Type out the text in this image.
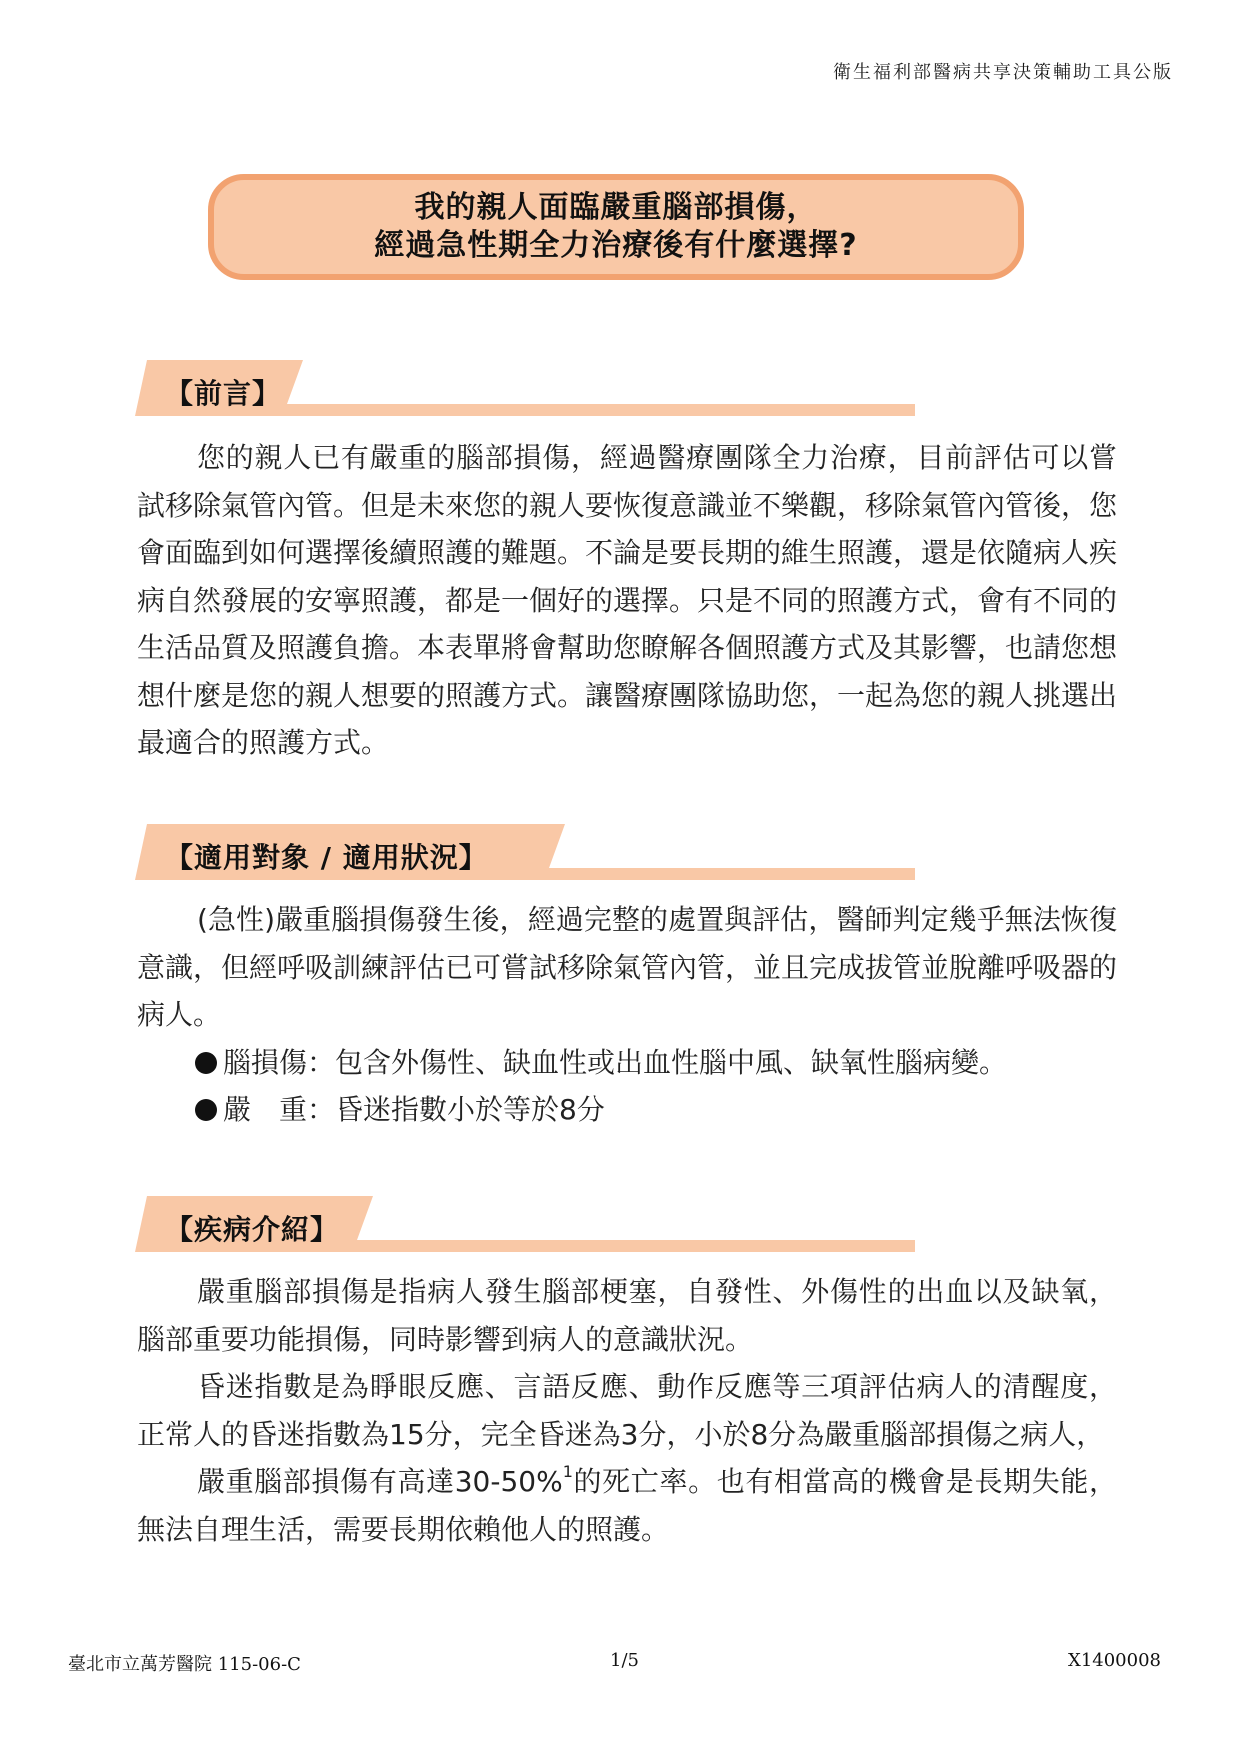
衛生福利部醫病共享決策輔助工具公版
我的親人面臨嚴重腦部損傷，
經過急性期全力治療後有什麼選擇?
【前言】

您的親人已有嚴重的腦部損傷，經過醫療團隊全力治療，目前評估可以嘗試移除氣管內管。但是未來您的親人要恢復意識並不樂觀，移除氣管內管後，您會面臨到如何選擇後續照護的難題。不論是要長期的維生照護，還是依隨病人疾病自然發展的安寧照護，都是一個好的選擇。只是不同的照護方式，會有不同的生活品質及照護負擔。本表單將會幫助您瞭解各個照護方式及其影響，也請您想想什麼是您的親人想要的照護方式。讓醫療團隊協助您，一起為您的親人挑選出最適合的照護方式。

【適用對象 / 適用狀況】

(急性)嚴重腦損傷發生後，經過完整的處置與評估，醫師判定幾乎無法恢復意識，但經呼吸訓練評估已可嘗試移除氣管內管，並且完成拔管並脫離呼吸器的病人。

腦損傷：包含外傷性、缺血性或出血性腦中風、缺氧性腦病變。

嚴　重：昏迷指數小於等於8分

【疾病介紹】

嚴重腦部損傷是指病人發生腦部梗塞，自發性、外傷性的出血以及缺氧，腦部重要功能損傷，同時影響到病人的意識狀況。

昏迷指數是為睜眼反應、言語反應、動作反應等三項評估病人的清醒度，正常人的昏迷指數為15分，完全昏迷為3分，小於8分為嚴重腦部損傷之病人，

嚴重腦部損傷有高達30-50%$^1$的死亡率。也有相當高的機會是長期失能，無法自理生活，需要長期依賴他人的照護。

臺北市立萬芳醫院 115-06-C	1/5	X1400008
